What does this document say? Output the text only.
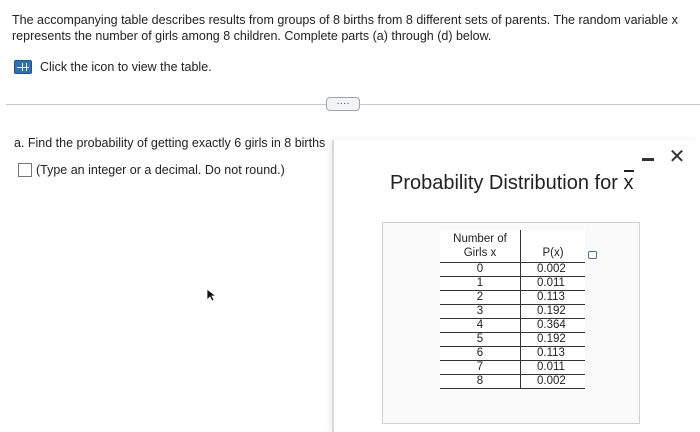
The accompanying table describes results from groups of 8 births from 8 different sets of parents. The random variable x represents the number of girls among 8 children. Complete parts (a) through (d) below.
Click the icon to view the table.
····
a. Find the probability of getting exactly 6 girls in 8 births
(Type an integer or a decimal. Do not round.)
Probability Distribution for
x
✕
Number of Girls x	P(x)
0	0.002
1	0.011
2	0.113
3	0.192
4	0.364
5	0.192
6	0.113
7	0.011
8	0.002
